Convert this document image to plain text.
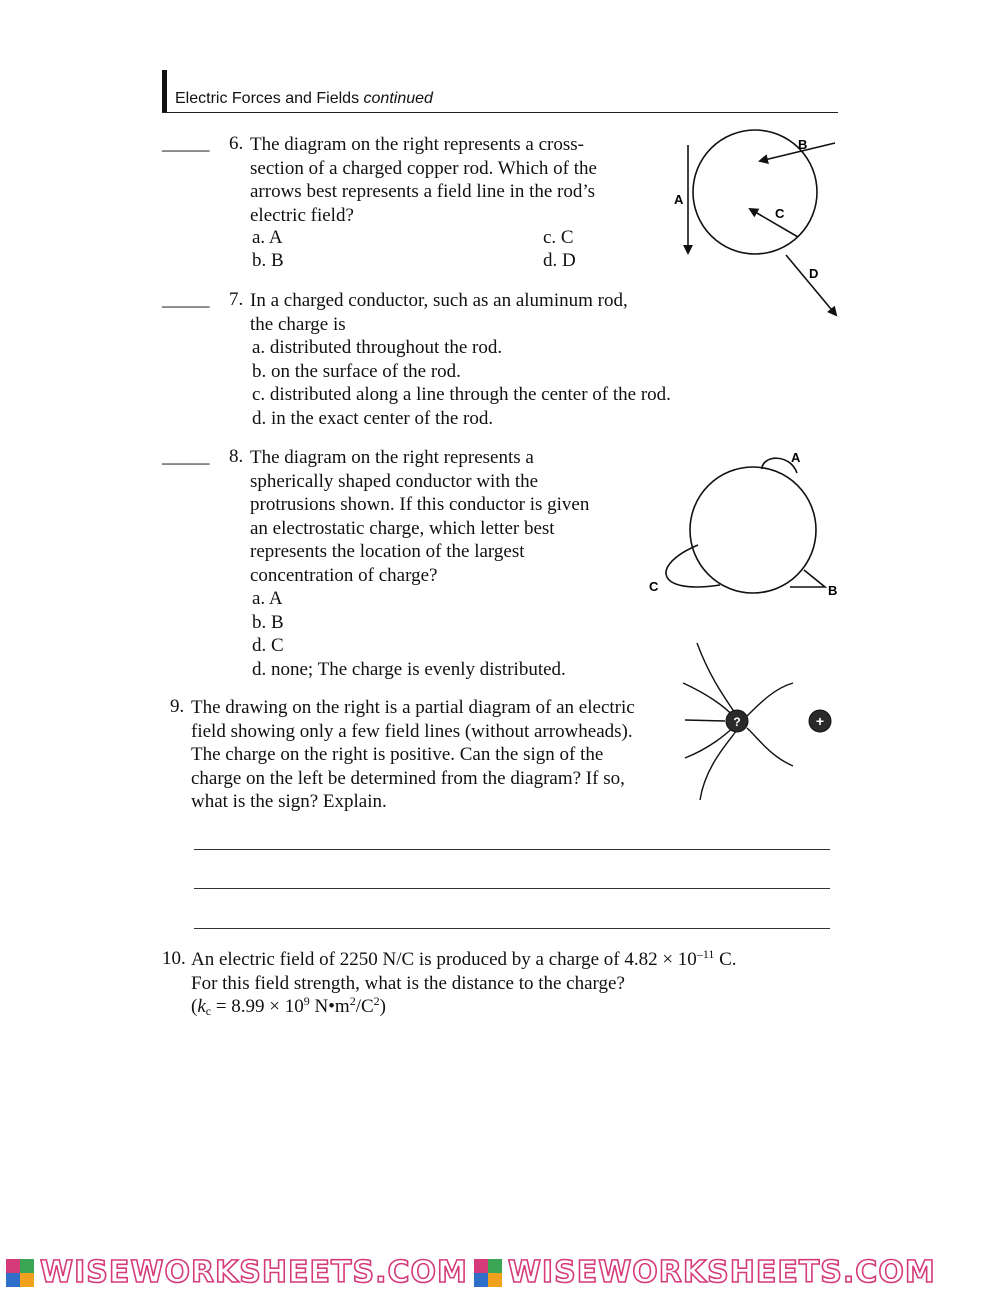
Electric Forces and Fields continued
_____ 6. The diagram on the right represents a cross-
section of a charged copper rod. Which of the
arrows best represents a field line in the rod’s
electric field?
a. A	c. C
b. B	d. D
A
B
C
D
_____ 7. In a charged conductor, such as an aluminum rod,
the charge is
a. distributed throughout the rod.
b. on the surface of the rod.
c. distributed along a line through the center of the rod.
d. in the exact center of the rod.
_____ 8. The diagram on the right represents a
spherically shaped conductor with the
protrusions shown. If this conductor is given
an electrostatic charge, which letter best
represents the location of the largest
concentration of charge?
a. A
b. B
d. C
d. none; The charge is evenly distributed.
A
B
C
9. The drawing on the right is a partial diagram of an electric
field showing only a few field lines (without arrowheads).
The charge on the right is positive. Can the sign of the
charge on the left be determined from the diagram? If so,
what is the sign? Explain.
?	+
10. An electric field of 2250 N/C is produced by a charge of $4.82 \times 10^{-11}$ C.
For this field strength, what is the distance to the charge?
($k_c = 8.99 \times 10^9$ $N•m^2/C^2$)
WISEWORKSHEETS.COM WISEWORKSHEETS.COM
